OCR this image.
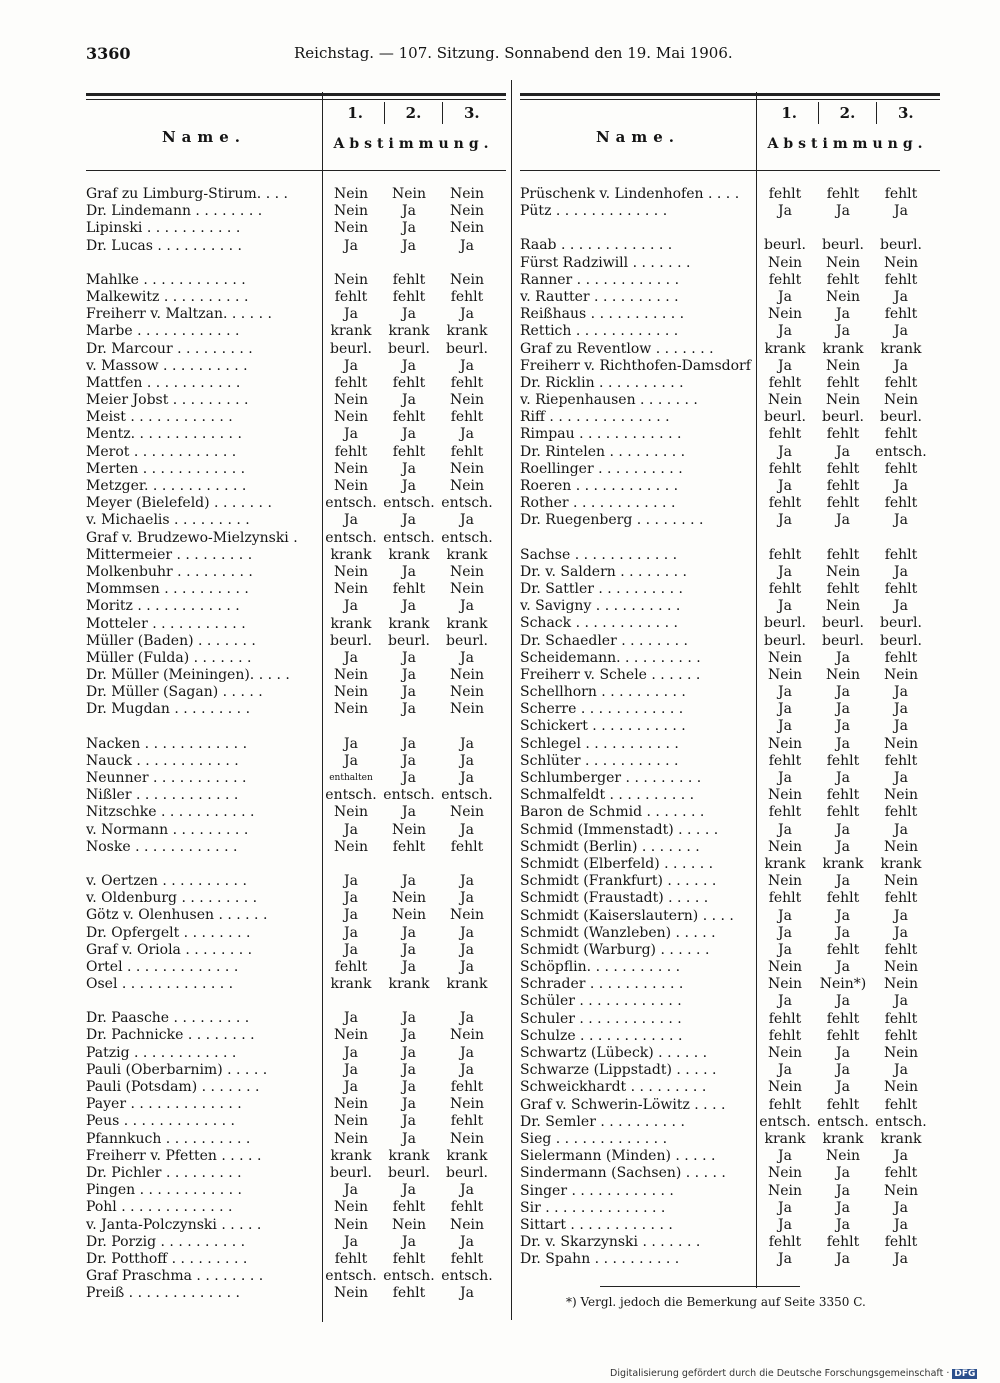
3360	Reichstag. — 107. Sitzung. Sonnabend den 19. Mai 1906.
Name.
1.	2.	3.
Abstimmung.
Graf zu Limburg-Stirum. . . .	Nein	Nein	Nein
Dr. Lindemann . . . . . . . .	Nein	Ja	Nein
Lipinski . . . . . . . . . . .	Nein	Ja	Nein
Dr. Lucas . . . . . . . . . .	Ja	Ja	Ja
Mahlke . . . . . . . . . . . .	Nein	fehlt	Nein
Malkewitz . . . . . . . . . .	fehlt	fehlt	fehlt
Freiherr v. Maltzan. . . . . .	Ja	Ja	Ja
Marbe . . . . . . . . . . . .	krank	krank	krank
Dr. Marcour . . . . . . . . .	beurl.	beurl.	beurl.
v. Massow . . . . . . . . . .	Ja	Ja	Ja
Mattfen . . . . . . . . . . .	fehlt	fehlt	fehlt
Meier Jobst . . . . . . . . .	Nein	Ja	Nein
Meist . . . . . . . . . . . .	Nein	fehlt	fehlt
Mentz. . . . . . . . . . . . .	Ja	Ja	Ja
Merot . . . . . . . . . . . .	fehlt	fehlt	fehlt
Merten . . . . . . . . . . . .	Nein	Ja	Nein
Metzger. . . . . . . . . . . .	Nein	Ja	Nein
Meyer (Bielefeld) . . . . . . .	entsch. entsch. entsch.
v. Michaelis . . . . . . . . .	Ja	Ja	Ja
Graf v. Brudzewo-Mielzynski .	entsch. entsch. entsch.
Mittermeier . . . . . . . . .	krank	krank	krank
Molkenbuhr . . . . . . . . .	Nein	Ja	Nein
Mommsen . . . . . . . . . .	Nein	fehlt	Nein
Moritz . . . . . . . . . . . .	Ja	Ja	Ja
Motteler . . . . . . . . . . .	krank	krank	krank
Müller (Baden) . . . . . . .	beurl.	beurl.	beurl.
Müller (Fulda) . . . . . . .	Ja	Ja	Ja
Dr. Müller (Meiningen). . . . .	Nein	Ja	Nein
Dr. Müller (Sagan) . . . . .	Nein	Ja	Nein
Dr. Mugdan . . . . . . . . .	Nein	Ja	Nein
Nacken . . . . . . . . . . . .	Ja	Ja	Ja
Nauck . . . . . . . . . . . .	Ja	Ja	Ja
Neunner . . . . . . . . . . .	enthalten	Ja	Ja
Nißler . . . . . . . . . . . .	entsch. entsch. entsch.
Nitzschke . . . . . . . . . . .	Nein	Ja	Nein
v. Normann . . . . . . . . .	Ja	Nein	Ja
Noske . . . . . . . . . . . .	Nein	fehlt	fehlt
v. Oertzen . . . . . . . . . .	Ja	Ja	Ja
v. Oldenburg . . . . . . . . .	Ja	Nein	Ja
Götz v. Olenhusen . . . . . .	Ja	Nein	Nein
Dr. Opfergelt . . . . . . . .	Ja	Ja	Ja
Graf v. Oriola . . . . . . . .	Ja	Ja	Ja
Ortel . . . . . . . . . . . . .	fehlt	Ja	Ja
Osel . . . . . . . . . . . . .	krank	krank	krank
Dr. Paasche . . . . . . . . .	Ja	Ja	Ja
Dr. Pachnicke . . . . . . . .	Nein	Ja	Nein
Patzig . . . . . . . . . . . .	Ja	Ja	Ja
Pauli (Oberbarnim) . . . . .	Ja	Ja	Ja
Pauli (Potsdam) . . . . . . .	Ja	Ja	fehlt
Payer . . . . . . . . . . . . .	Nein	Ja	Nein
Peus . . . . . . . . . . . . .	Nein	Ja	fehlt
Pfannkuch . . . . . . . . . .	Nein	Ja	Nein
Freiherr v. Pfetten . . . . .	krank	krank	krank
Dr. Pichler . . . . . . . . .	beurl.	beurl.	beurl.
Pingen . . . . . . . . . . . .	Ja	Ja	Ja
Pohl . . . . . . . . . . . . .	Nein	fehlt	fehlt
v. Janta-Polczynski . . . . .	Nein	Nein	Nein
Dr. Porzig . . . . . . . . . .	Ja	Ja	Ja
Dr. Potthoff . . . . . . . . .	fehlt	fehlt	fehlt
Graf Praschma . . . . . . . .	entsch. entsch. entsch.
Preiß . . . . . . . . . . . . .	Nein	fehlt	Ja
Name.
1.	2.	3.
Abstimmung.
Prüschenk v. Lindenhofen . . . .	fehlt	fehlt	fehlt
Pütz . . . . . . . . . . . . .	Ja	Ja	Ja
Raab . . . . . . . . . . . . .	beurl.	beurl.	beurl.
Fürst Radziwill . . . . . . .	Nein	Nein	Nein
Ranner . . . . . . . . . . . .	fehlt	fehlt	fehlt
v. Rautter . . . . . . . . . .	Ja	Nein	Ja
Reißhaus . . . . . . . . . . .	Nein	Ja	fehlt
Rettich . . . . . . . . . . . .	Ja	Ja	Ja
Graf zu Reventlow . . . . . . .	krank	krank	krank
Freiherr v. Richthofen-Damsdorf	Ja	Nein	Ja
Dr. Ricklin . . . . . . . . . .	fehlt	fehlt	fehlt
v. Riepenhausen . . . . . . .	Nein	Nein	Nein
Riff . . . . . . . . . . . . . .	beurl.	beurl.	beurl.
Rimpau . . . . . . . . . . . .	fehlt	fehlt	fehlt
Dr. Rintelen . . . . . . . . .	Ja	Ja	entsch.
Roellinger . . . . . . . . . .	fehlt	fehlt	fehlt
Roeren . . . . . . . . . . . .	Ja	fehlt	Ja
Rother . . . . . . . . . . . .	fehlt	fehlt	fehlt
Dr. Ruegenberg . . . . . . . .	Ja	Ja	Ja
Sachse . . . . . . . . . . . .	fehlt	fehlt	fehlt
Dr. v. Saldern . . . . . . . .	Ja	Nein	Ja
Dr. Sattler . . . . . . . . . .	fehlt	fehlt	fehlt
v. Savigny . . . . . . . . . .	Ja	Nein	Ja
Schack . . . . . . . . . . . .	beurl.	beurl.	beurl.
Dr. Schaedler . . . . . . . .	beurl.	beurl.	beurl.
Scheidemann. . . . . . . . . .	Nein	Ja	fehlt
Freiherr v. Schele . . . . . .	Nein	Nein	Nein
Schellhorn . . . . . . . . . .	Ja	Ja	Ja
Scherre . . . . . . . . . . . .	Ja	Ja	Ja
Schickert . . . . . . . . . . .	Ja	Ja	Ja
Schlegel . . . . . . . . . . .	Nein	Ja	Nein
Schlüter . . . . . . . . . . .	fehlt	fehlt	fehlt
Schlumberger . . . . . . . . .	Ja	Ja	Ja
Schmalfeldt . . . . . . . . . .	Nein	fehlt	Nein
Baron de Schmid . . . . . . .	fehlt	fehlt	fehlt
Schmid (Immenstadt) . . . . .	Ja	Ja	Ja
Schmidt (Berlin) . . . . . . .	Nein	Ja	Nein
Schmidt (Elberfeld) . . . . . .	krank	krank	krank
Schmidt (Frankfurt) . . . . . .	Nein	Ja	Nein
Schmidt (Fraustadt) . . . . .	fehlt	fehlt	fehlt
Schmidt (Kaiserslautern) . . . .	Ja	Ja	Ja
Schmidt (Wanzleben) . . . . .	Ja	Ja	Ja
Schmidt (Warburg) . . . . . .	Ja	fehlt	fehlt
Schöpflin. . . . . . . . . . .	Nein	Ja	Nein
Schrader . . . . . . . . . . .	Nein	Nein*)	Nein
Schüler . . . . . . . . . . . .	Ja	Ja	Ja
Schuler . . . . . . . . . . . .	fehlt	fehlt	fehlt
Schulze . . . . . . . . . . . .	fehlt	fehlt	fehlt
Schwartz (Lübeck) . . . . . .	Nein	Ja	Nein
Schwarze (Lippstadt) . . . . .	Ja	Ja	Ja
Schweickhardt . . . . . . . . .	Nein	Ja	Nein
Graf v. Schwerin-Löwitz . . . .	fehlt	fehlt	fehlt
Dr. Semler . . . . . . . . . .	entsch. entsch. entsch.
Sieg . . . . . . . . . . . . .	krank	krank	krank
Sielermann (Minden) . . . . .	Ja	Nein	Ja
Sindermann (Sachsen) . . . . .	Nein	Ja	fehlt
Singer . . . . . . . . . . . .	Nein	Ja	Nein
Sir . . . . . . . . . . . . . .	Ja	Ja	Ja
Sittart . . . . . . . . . . . .	Ja	Ja	Ja
Dr. v. Skarzynski . . . . . . .	fehlt	fehlt	fehlt
Dr. Spahn . . . . . . . . . .	Ja	Ja	Ja
*) Vergl. jedoch die Bemerkung auf Seite 3350 C.
Digitalisierung gefördert durch die Deutsche Forschungsgemeinschaft · DFG
